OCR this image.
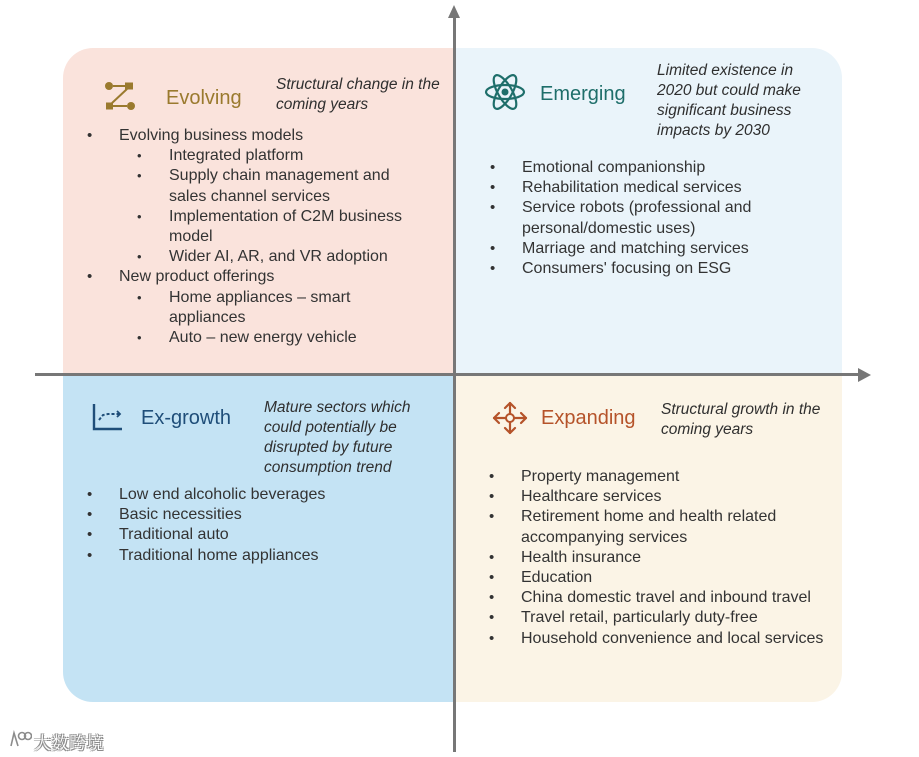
Evolving
Structural change in the coming years
• Evolving business models
• Integrated platform
• Supply chain management and sales channel services
• Implementation of C2M business model
• Wider AI, AR, and VR adoption
• New product offerings
• Home appliances – smart appliances
• Auto – new energy vehicle
Emerging
Limited existence in 2020 but could make significant business impacts by 2030
• Emotional companionship
• Rehabilitation medical services
• Service robots (professional and personal/domestic uses)
• Marriage and matching services
• Consumers' focusing on ESG
Ex-growth Mature sectors which could potentially be disrupted by future consumption trend
• Low end alcoholic beverages
• Basic necessities
• Traditional auto
• Traditional home appliances
Expanding Structural growth in the coming years
• Property management
• Healthcare services
• Retirement home and health related accompanying services
• Health insurance
• Education
• China domestic travel and inbound travel
• Travel retail, particularly duty-free
• Household convenience and local services
大数跨境
